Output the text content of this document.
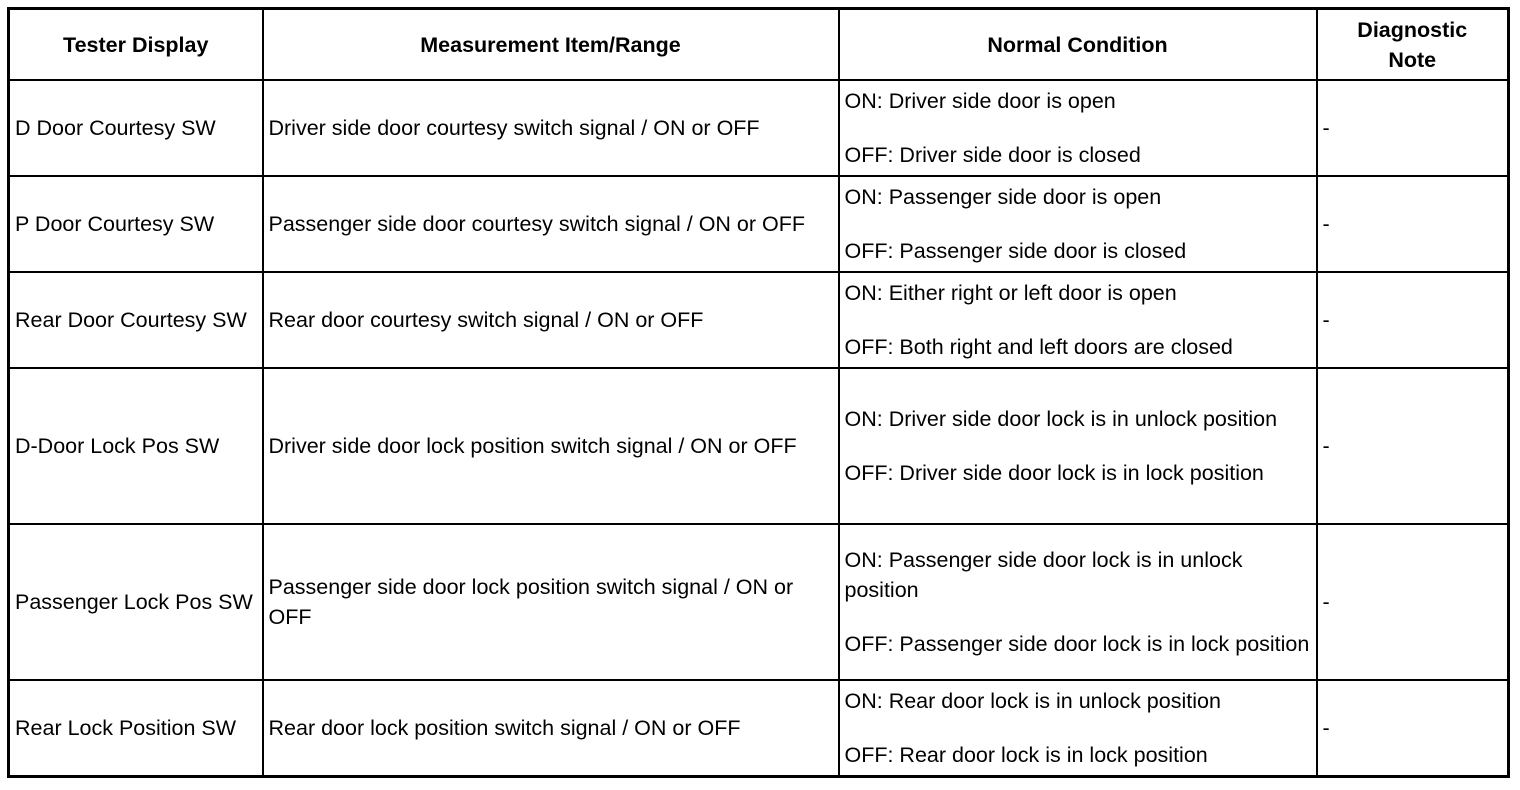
Tester Display	Measurement Item/Range	Normal Condition	Diagnostic
Note

D Door Courtesy SW	Driver side door courtesy switch signal / ON or OFF	ON: Driver side door is open
OFF: Driver side door is closed	-
P Door Courtesy SW	Passenger side door courtesy switch signal / ON or OFF	ON: Passenger side door is open
OFF: Passenger side door is closed	-
Rear Door Courtesy SW	Rear door courtesy switch signal / ON or OFF	ON: Either right or left door is open
OFF: Both right and left doors are closed	-
D-Door Lock Pos SW	Driver side door lock position switch signal / ON or OFF	ON: Driver side door lock is in unlock position
OFF: Driver side door lock is in lock position	-
Passenger Lock Pos SW	Passenger side door lock position switch signal / ON or OFF	ON: Passenger side door lock is in unlock position
OFF: Passenger side door lock is in lock position	-
Rear Lock Position SW	Rear door lock position switch signal / ON or OFF	ON: Rear door lock is in unlock position
OFF: Rear door lock is in lock position	-
